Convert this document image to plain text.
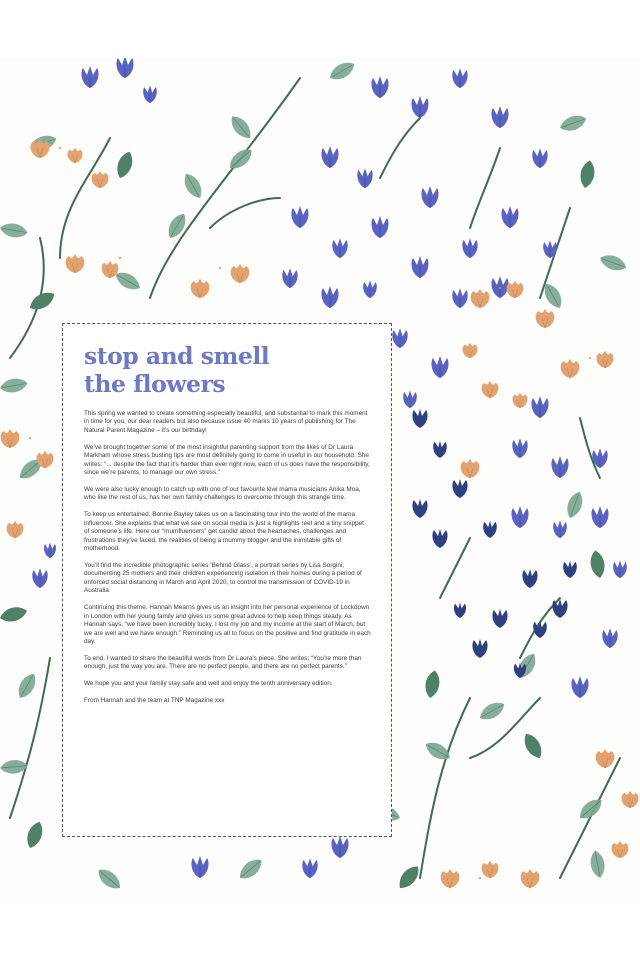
stop and smell
the flowers

This spring we wanted to create something especially beautiful, and substantial to mark this moment in time for you, our dear readers but also because issue 40 marks 10 years of publishing for The Natural Parent Magazine – it’s our birthday!

We’ve brought together some of the most insightful parenting support from the likes of Dr Laura Markham whose stress busting tips are most definitely going to come in useful in our household. She writes: “... despite the fact that it’s harder than ever right now, each of us does have the responsibility, since we’re parents, to manage our own stress.”

We were also lucky enough to catch up with one of our favourite kiwi mama musicians Anika Moa, who like the rest of us, has her own family challenges to overcome through this strange time.

To keep us entertained, Bonnie Bayley takes us on a fascinating tour into the world of the mama influencer. She explains that what we see on social media is just a highlights reel and a tiny snippet of someone’s life. Here our “mumfluencers” get candid about the heartaches, challenges and frustrations they’ve faced, the realities of being a mummy blogger and the inimitable gifts of motherhood.

You’ll find the incredible photographic series ‘Behind Glass’, a portrait series by Lisa Sorgini, documenting 25 mothers and their children experiencing isolation in their homes during a period of enforced social distancing in March and April 2020, to control the transmission of COVID-19 in Australia

Continuing this theme, Hannah Mearns gives us an insight into her personal experience of Lockdown in London with her young family and gives us some great advice to help keep things steady. As Hannah says, “we have been incredibly lucky. I lost my job and my income at the start of March, but we are well and we have enough.” Reminding us all to focus on the positive and find gratitude in each day.

To end, I wanted to share the beautiful words from Dr Laura’s piece. She writes: “You’re more than enough, just the way you are. There are no perfect people, and there are no perfect parents.”

We hope you and your family stay safe and well and enjoy the tenth anniversary edition.

From Hannah and the team at TNP Magazine xxx
